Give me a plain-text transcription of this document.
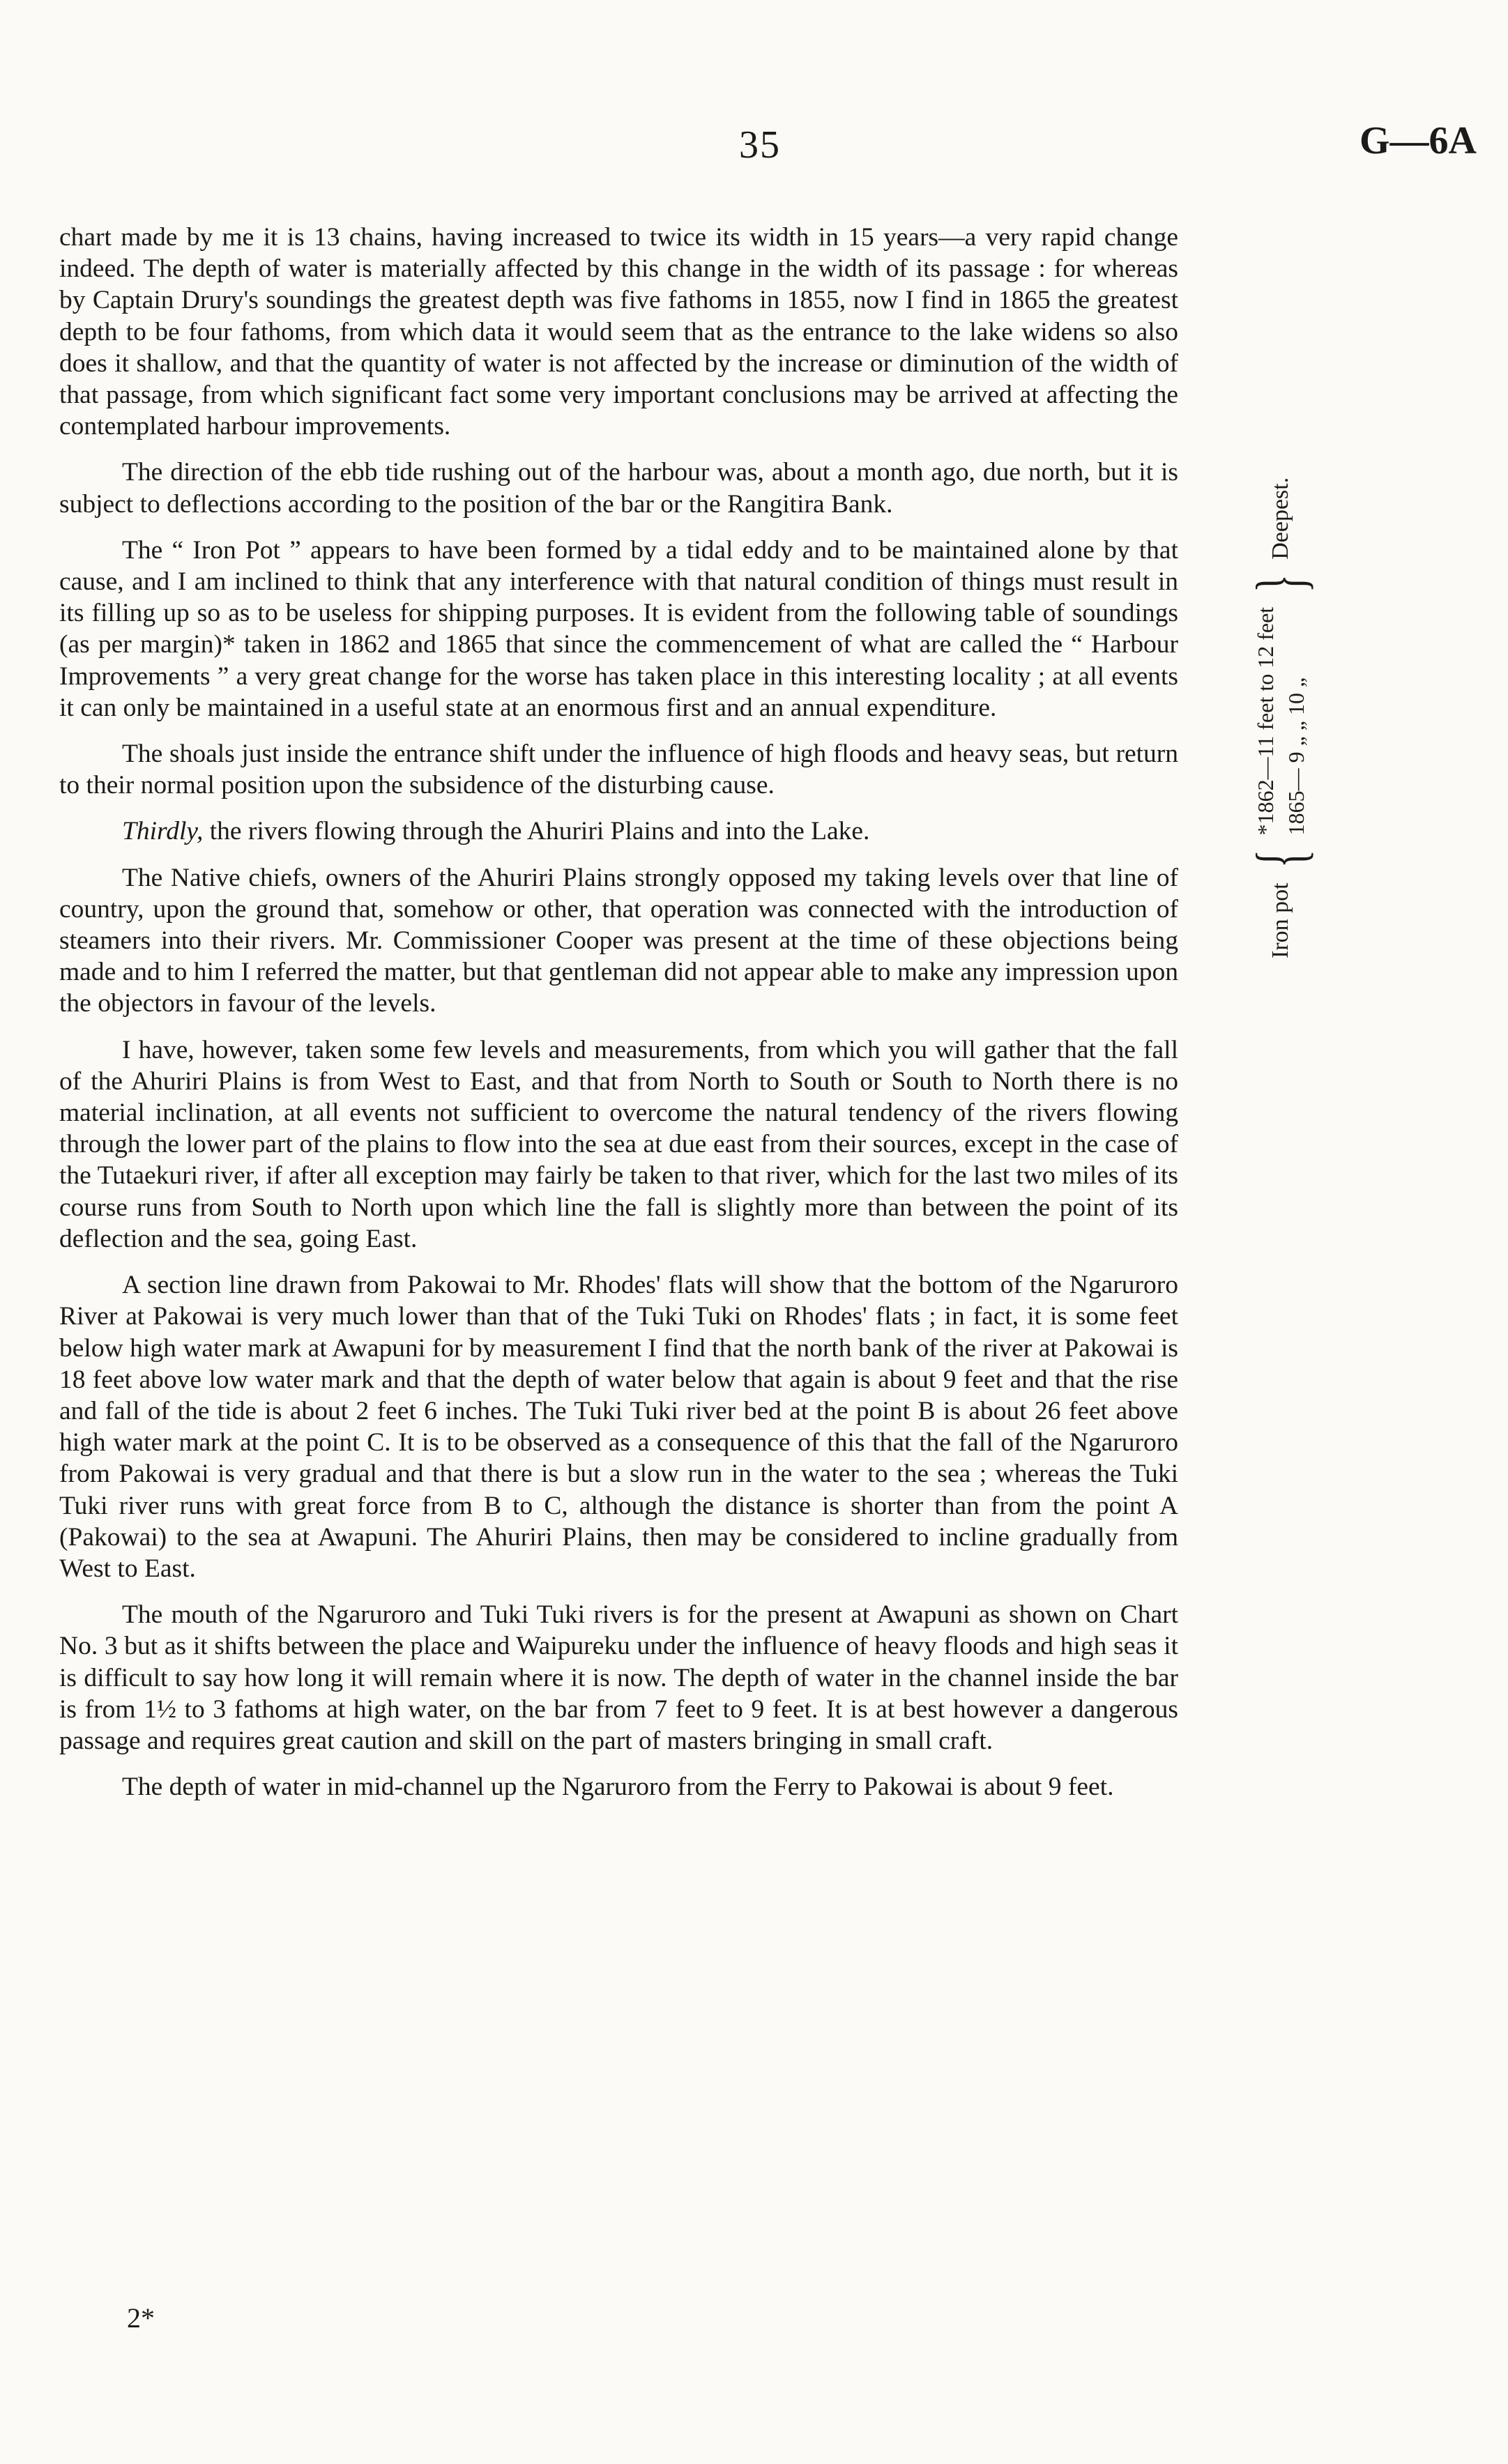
35	G—6A

chart made by me it is 13 chains, having increased to twice its width in 15 years—a very rapid change indeed. The depth of water is materially affected by this change in the width of its passage : for whereas by Captain Drury's soundings the greatest depth was five fathoms in 1855, now I find in 1865 the greatest depth to be four fathoms, from which data it would seem that as the entrance to the lake widens so also does it shallow, and that the quantity of water is not affected by the increase or diminution of the width of that passage, from which significant fact some very important conclusions may be arrived at affecting the contemplated harbour improvements.

The direction of the ebb tide rushing out of the harbour was, about a month ago, due north, but it is subject to deflections according to the position of the bar or the Rangitira Bank.

The “ Iron Pot ” appears to have been formed by a tidal eddy and to be maintained alone by that cause, and I am inclined to think that any interference with that natural condition of things must result in its filling up so as to be useless for shipping purposes. It is evident from the following table of soundings (as per margin)* taken in 1862 and 1865 that since the commencement of what are called the “ Harbour Improvements ” a very great change for the worse has taken place in this interesting locality ; at all events it can only be maintained in a useful state at an enormous first and an annual expenditure.

The shoals just inside the entrance shift under the influence of high floods and heavy seas, but return to their normal position upon the subsidence of the disturbing cause.

Thirdly, the rivers flowing through the Ahuriri Plains and into the Lake.

The Native chiefs, owners of the Ahuriri Plains strongly opposed my taking levels over that line of country, upon the ground that, somehow or other, that operation was connected with the introduction of steamers into their rivers. Mr. Commissioner Cooper was present at the time of these objections being made and to him I referred the matter, but that gentleman did not appear able to make any impression upon the objectors in favour of the levels.

I have, however, taken some few levels and measurements, from which you will gather that the fall of the Ahuriri Plains is from West to East, and that from North to South or South to North there is no material inclination, at all events not sufficient to overcome the natural tendency of the rivers flowing through the lower part of the plains to flow into the sea at due east from their sources, except in the case of the Tutaekuri river, if after all exception may fairly be taken to that river, which for the last two miles of its course runs from South to North upon which line the fall is slightly more than between the point of its deflection and the sea, going East.

A section line drawn from Pakowai to Mr. Rhodes' flats will show that the bottom of the Ngaruroro River at Pakowai is very much lower than that of the Tuki Tuki on Rhodes' flats ; in fact, it is some feet below high water mark at Awapuni for by measurement I find that the north bank of the river at Pakowai is 18 feet above low water mark and that the depth of water below that again is about 9 feet and that the rise and fall of the tide is about 2 feet 6 inches. The Tuki Tuki river bed at the point B is about 26 feet above high water mark at the point C. It is to be observed as a consequence of this that the fall of the Ngaruroro from Pakowai is very gradual and that there is but a slow run in the water to the sea ; whereas the Tuki Tuki river runs with great force from B to C, although the distance is shorter than from the point A (Pakowai) to the sea at Awapuni. The Ahuriri Plains, then may be considered to incline gradually from West to East.

The mouth of the Ngaruroro and Tuki Tuki rivers is for the present at Awapuni as shown on Chart No. 3 but as it shifts between the place and Waipureku under the influence of heavy floods and high seas it is difficult to say how long it will remain where it is now. The depth of water in the channel inside the bar is from 1½ to 3 fathoms at high water, on the bar from 7 feet to 9 feet. It is at best however a dangerous passage and requires great caution and skill on the part of masters bringing in small craft.

The depth of water in mid-channel up the Ngaruroro from the Ferry to Pakowai is about 9 feet.

Iron pot
{
*1862—11 feet to 12 feet 1865— 9 „ „ 10 „
}
Deepest.
2*
